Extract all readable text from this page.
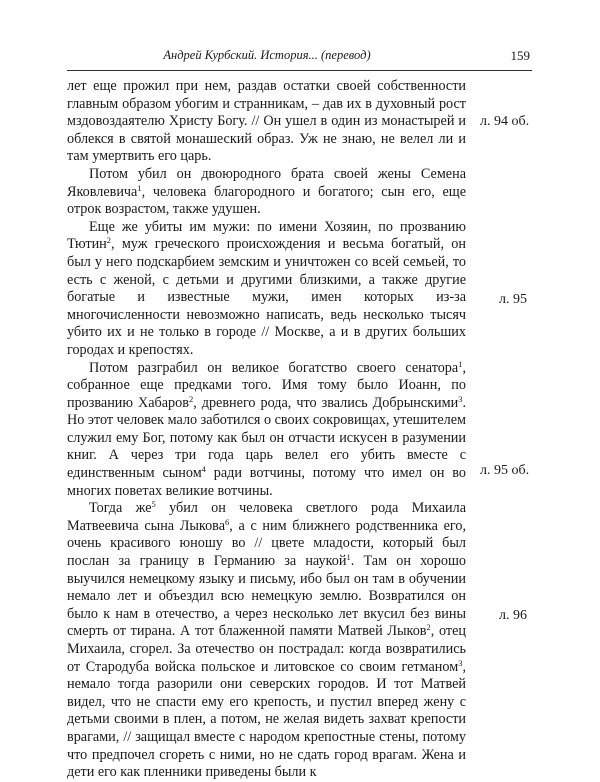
Андрей Курбский. История... (перевод)	159

лет еще прожил при нем, раздав остатки своей собственности главным образом убогим и странникам, – дав их в духовный рост мздовоздаятелю Христу Богу. // Он ушел в один из монастырей и облекся в святой монашеский образ. Уж не знаю, не велел ли и там умертвить его царь.

Потом убил он двоюродного брата своей жены Семена Яковлевича$^1$, человека благородного и богатого; сын его, еще отрок возрастом, также удушен.

Еще же убиты им мужи: по имени Хозяин, по прозванию Тютин$^2$, муж греческого происхождения и весьма богатый, он был у него подскарбием земским и уничтожен со всей семьей, то есть с женой, с детьми и другими близкими, а также другие богатые и известные мужи, имен которых из-за многочисленности невозможно написать, ведь несколько тысяч убито их и не только в городе // Москве, а и в других больших городах и крепостях.

Потом разграбил он великое богатство своего сенатора$^1$, собранное еще предками того. Имя тому было Иоанн, по прозванию Хабаров$^2$, древнего рода, что звались Добрынскими$^3$. Но этот человек мало заботился о своих сокровищах, утешителем служил ему Бог, потому как был он отчасти искусен в разумении книг. А через три года царь велел его убить вместе с единственным сыном$^4$ ради вотчины, потому что имел он во многих поветах великие вотчины.

Тогда $же^5$ убил он человека светлого рода Михаила Матвеевича сына Лыкова$^6$, а с ним ближнего родственника его, очень красивого юношу во // цвете младости, который был послан за границу в Германию за наукой$^1$. Там он хорошо выучился немецкому языку и письму, ибо был он там в обучении немало лет и объездил всю немецкую землю. Возвратился он было к нам в отечество, а через несколько лет вкусил без вины смерть от тирана. А тот блаженной памяти Матвей Лыков$^2$, отец Михаила, сгорел. За отечество он пострадал: когда возвратились от Стародуба войска польское и литовское со своим гетманом$^3$, немало тогда разорили они северских городов. И тот Матвей видел, что не спасти ему его крепость, и пустил вперед жену с детьми своими в плен, а потом, не желая видеть захват крепости врагами, // защищал вместе с народом крепостные стены, потому что предпочел сгореть с ними, но не сдать город врагам. Жена и дети его как пленники приведены были к

л. 94 об.
л. 95
л. 95 об.
л. 96
